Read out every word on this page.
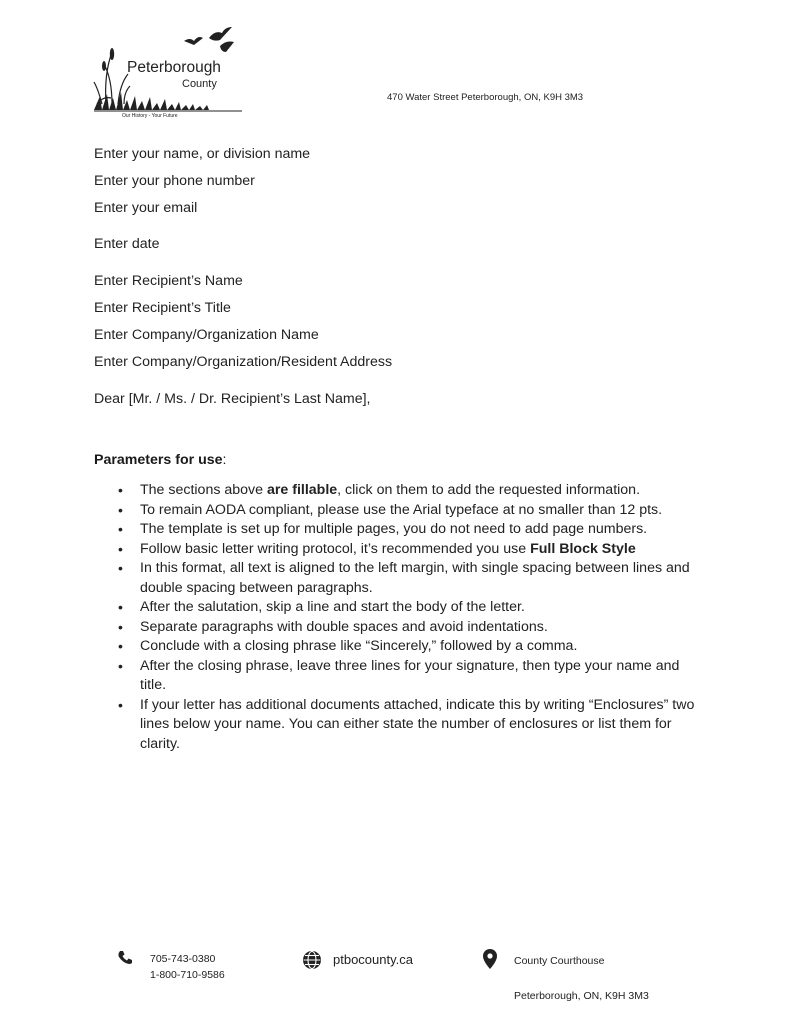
Peterborough
County
Our History - Your Future
470 Water Street Peterborough, ON, K9H 3M3
Enter your name, or division name
Enter your phone number
Enter your email
Enter date
Enter Recipient’s Name
Enter Recipient’s Title
Enter Company/Organization Name
Enter Company/Organization/Resident Address
Dear [Mr. / Ms. / Dr. Recipient’s Last Name],
Parameters for use:
• The sections above are fillable, click on them to add the requested information.
• To remain AODA compliant, please use the Arial typeface at no smaller than 12 pts.
• The template is set up for multiple pages, you do not need to add page numbers.
• Follow basic letter writing protocol, it’s recommended you use Full Block Style
• In this format, all text is aligned to the left margin, with single spacing between lines and double spacing between paragraphs.
• After the salutation, skip a line and start the body of the letter.
• Separate paragraphs with double spaces and avoid indentations.
• Conclude with a closing phrase like “Sincerely,” followed by a comma.
• After the closing phrase, leave three lines for your signature, then type your name and title.
• If your letter has additional documents attached, indicate this by writing “Enclosures” two lines below your name. You can either state the number of enclosures or list them for clarity.
705-743-0380
1-800-710-9586
ptbocounty.ca	County Courthouse
Peterborough, ON, K9H 3M3
